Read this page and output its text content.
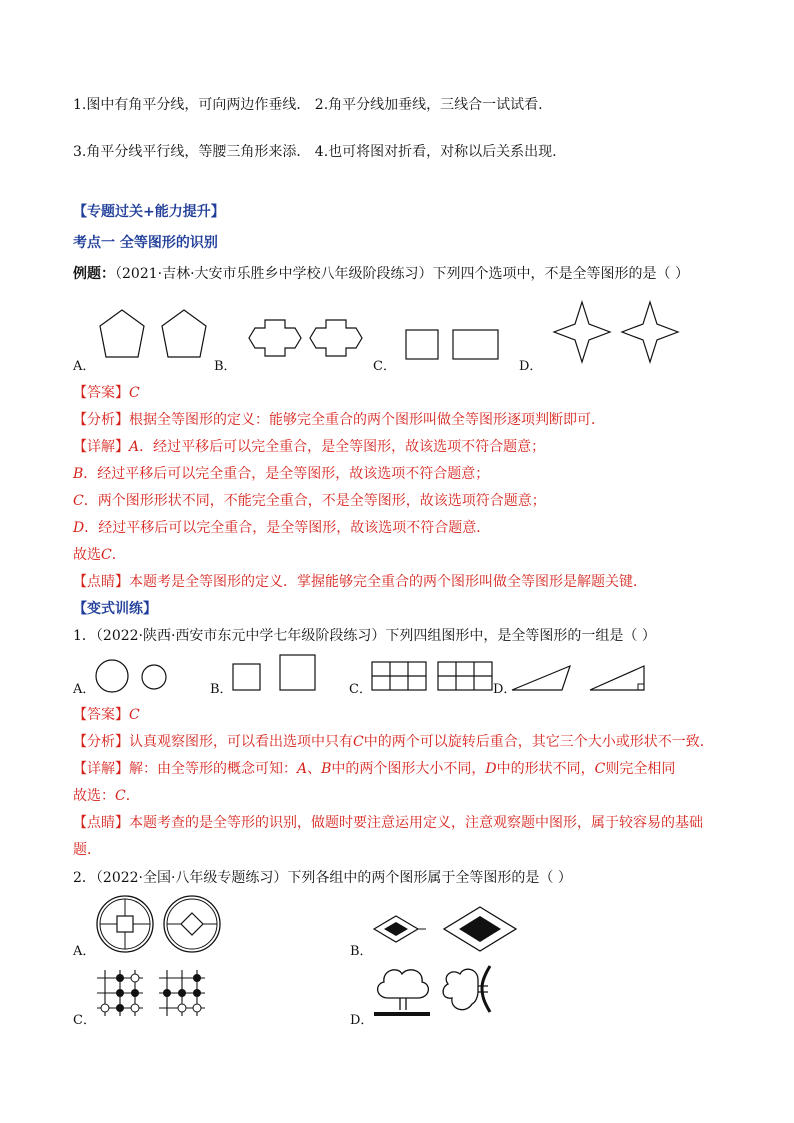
1.图中有角平分线，可向两边作垂线． 2.角平分线加垂线，三线合一试试看.
3.角平分线平行线，等腰三角形来添． 4.也可将图对折看，对称以后关系出现.
【专题过关+能力提升】
考点一 全等图形的识别
例题：（2021·吉林·大安市乐胜乡中学校八年级阶段练习）下列四个选项中，不是全等图形的是（ ）
A．	B．	C．	D．
【答案】C
【分析】根据全等图形的定义：能够完全重合的两个图形叫做全等图形逐项判断即可．
【详解】A．经过平移后可以完全重合，是全等图形，故该选项不符合题意；
B．经过平移后可以完全重合，是全等图形，故该选项不符合题意；
C．两个图形形状不同，不能完全重合，不是全等图形，故该选项符合题意；
D．经过平移后可以完全重合，是全等图形，故该选项不符合题意．
故选C．
【点睛】本题考是全等图形的定义．掌握能够完全重合的两个图形叫做全等图形是解题关键．
【变式训练】
1．（2022·陕西·西安市东元中学七年级阶段练习）下列四组图形中，是全等图形的一组是（ ）
A．	B．	C．	D．
【答案】C
【分析】认真观察图形，可以看出选项中只有C中的两个可以旋转后重合，其它三个大小或形状不一致．
【详解】解：由全等形的概念可知：A、B中的两个图形大小不同，D中的形状不同，C则完全相同
故选：C．
【点睛】本题考查的是全等形的识别，做题时要注意运用定义，注意观察题中图形，属于较容易的基础
题．
2．（2022·全国·八年级专题练习）下列各组中的两个图形属于全等图形的是（ ）
A．	B．
C．	D．
